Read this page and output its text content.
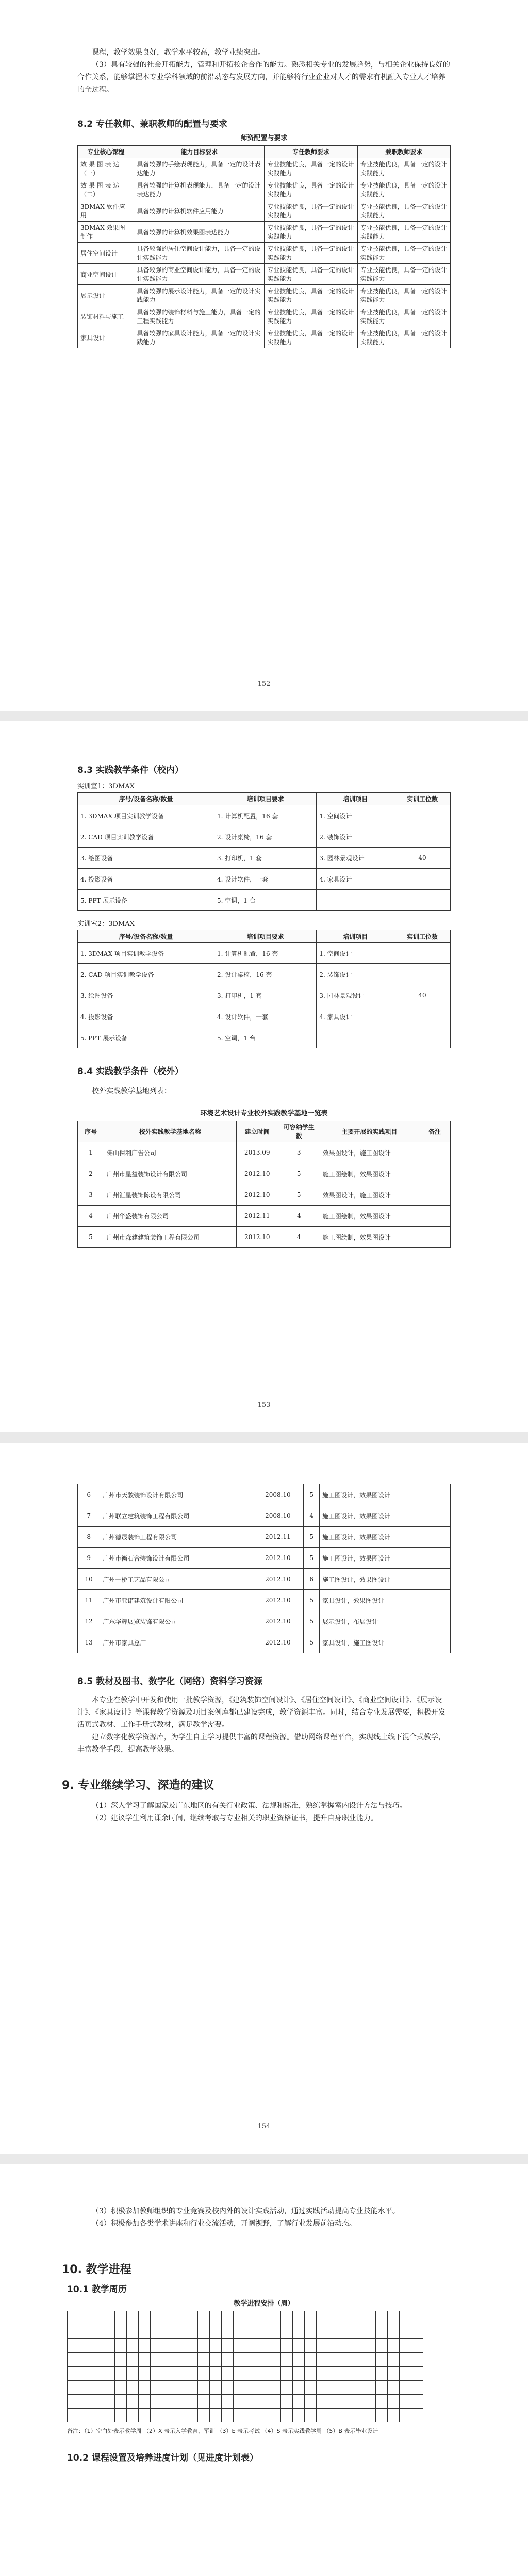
课程，教学效果良好，教学水平较高，教学业绩突出。

（3）具有较强的社会开拓能力，管理和开拓校企合作的能力。熟悉相关专业的发展趋势，与相关企业保持良好的合作关系，能够掌握本专业学科领域的前沿动态与发展方向，并能够将行业企业对人才的需求有机融入专业人才培养的全过程。

8.2 专任教师、兼职教师的配置与要求
师资配置与要求
专业核心课程	能力目标要求	专任教师要求	兼职教师要求
效 果 图 表 达 （一）	具备较强的手绘表现能力，具备一定的设计表达能力	专业技能优良，具备一定的设计实践能力	专业技能优良，具备一定的设计实践能力
效 果 图 表 达 （二）	具备较强的计算机表现能力，具备一定的设计表达能力	专业技能优良，具备一定的设计实践能力	专业技能优良，具备一定的设计实践能力
3DMAX 软件应用	具备较强的计算机软件应用能力	专业技能优良，具备一定的设计实践能力	专业技能优良，具备一定的设计实践能力
3DMAX 效果图制作	具备较强的计算机效果图表达能力	专业技能优良，具备一定的设计实践能力	专业技能优良，具备一定的设计实践能力
居住空间设计	具备较强的居住空间设计能力，具备一定的设计实践能力	专业技能优良，具备一定的设计实践能力	专业技能优良，具备一定的设计实践能力
商业空间设计	具备较强的商业空间设计能力，具备一定的设计实践能力	专业技能优良，具备一定的设计实践能力	专业技能优良，具备一定的设计实践能力
展示设计	具备较强的展示设计能力，具备一定的设计实践能力	专业技能优良，具备一定的设计实践能力	专业技能优良，具备一定的设计实践能力
装饰材料与施工	具备较强的装饰材料与施工能力，具备一定的工程实践能力	专业技能优良，具备一定的设计实践能力	专业技能优良，具备一定的设计实践能力
家具设计	具备较强的家具设计能力，具备一定的设计实践能力	专业技能优良，具备一定的设计实践能力	专业技能优良，具备一定的设计实践能力
152
8.3 实践教学条件（校内）
实训室1：3DMAX
序号/设备名称/数量	培训项目要求	培训项目	实训工位数
1. 3DMAX 项目实训教学设备	1. 计算机配置，16 套	1. 空间设计	
2. CAD 项目实训教学设备	2. 设计桌椅，16 套	2. 装饰设计	
3. 绘图设备	3. 打印机，1 套	3. 园林景观设计	40
4. 投影设备	4. 设计软件，一套	4. 家具设计	
5. PPT 展示设备	5. 空调，1 台		
实训室2：3DMAX
序号/设备名称/数量	培训项目要求	培训项目	实训工位数
1. 3DMAX 项目实训教学设备	1. 计算机配置，16 套	1. 空间设计	
2. CAD 项目实训教学设备	2. 设计桌椅，16 套	2. 装饰设计	
3. 绘图设备	3. 打印机，1 套	3. 园林景观设计	40
4. 投影设备	4. 设计软件，一套	4. 家具设计	
5. PPT 展示设备	5. 空调，1 台		
8.4 实践教学条件（校外）

校外实践教学基地列表：

环境艺术设计专业校外实践教学基地一览表
序号	校外实践教学基地名称	建立时间	可容纳学生数	主要开展的实践项目	备注
1	佛山保利广告公司	2013.09	3	效果图设计，施工图设计	
2	广州市星益装饰设计有限公司	2012.10	5	施工图绘制，效果图设计	
3	广州汇星装饰陈设有限公司	2012.10	5	效果图设计，施工图设计	
4	广州华盛装饰有限公司	2012.11	4	施工图绘制，效果图设计	
5	广州市森建建筑装饰工程有限公司	2012.10	4	施工图绘制，效果图设计	
153
6	广州市天骏装饰设计有限公司	2008.10	5	施工图设计，效果图设计	
7	广州联立建筑装饰工程有限公司	2008.10	4	施工图设计，效果图设计	
8	广州德晟装饰工程有限公司	2012.11	5	施工图设计，效果图设计	
9	广州市衡石合装饰设计有限公司	2012.10	5	施工图设计，效果图设计	
10	广州一桥工艺品有限公司	2012.10	6	施工图设计，效果图设计	
11	广州市亚诺建筑设计有限公司	2012.10	5	家具设计，效果图设计	
12	广东华辉展览装饰有限公司	2012.10	5	展示设计，布展设计	
13	广州市家具总厂	2012.10	5	家具设计，施工图设计	
8.5 教材及图书、数字化（网络）资料学习资源

本专业在教学中开发和使用一批教学资源，《建筑装饰空间设计》、《居住空间设计》、《商业空间设计》、《展示设计》、《家具设计》等课程教学资源及项目案例库都已建设完成，教学资源丰富。同时，结合专业发展需要，积极开发活页式教材、工作手册式教材，满足教学需要。

建立数字化教学资源库，为学生自主学习提供丰富的课程资源。借助网络课程平台，实现线上线下混合式教学，丰富教学手段，提高教学效果。

9. 专业继续学习、深造的建议

（1）深入学习了解国家及广东地区的有关行业政策、法规和标准，熟练掌握室内设计方法与技巧。

（2）建议学生利用课余时间，继续考取与专业相关的职业资格证书，提升自身职业能力。

154

（3）积极参加教师组织的专业竞赛及校内外的设计实践活动，通过实践活动提高专业技能水平。

（4）积极参加各类学术讲座和行业交流活动，开阔视野，了解行业发展前沿动态。

10. 教学进程
10.1 教学周历
教学进程安排（周）

备注：（1）空白处表示教学周 （2）X 表示入学教育、军训 （3）E 表示考试 （4）S 表示实践教学周 （5）B 表示毕业设计
10.2 课程设置及培养进度计划（见进度计划表）
